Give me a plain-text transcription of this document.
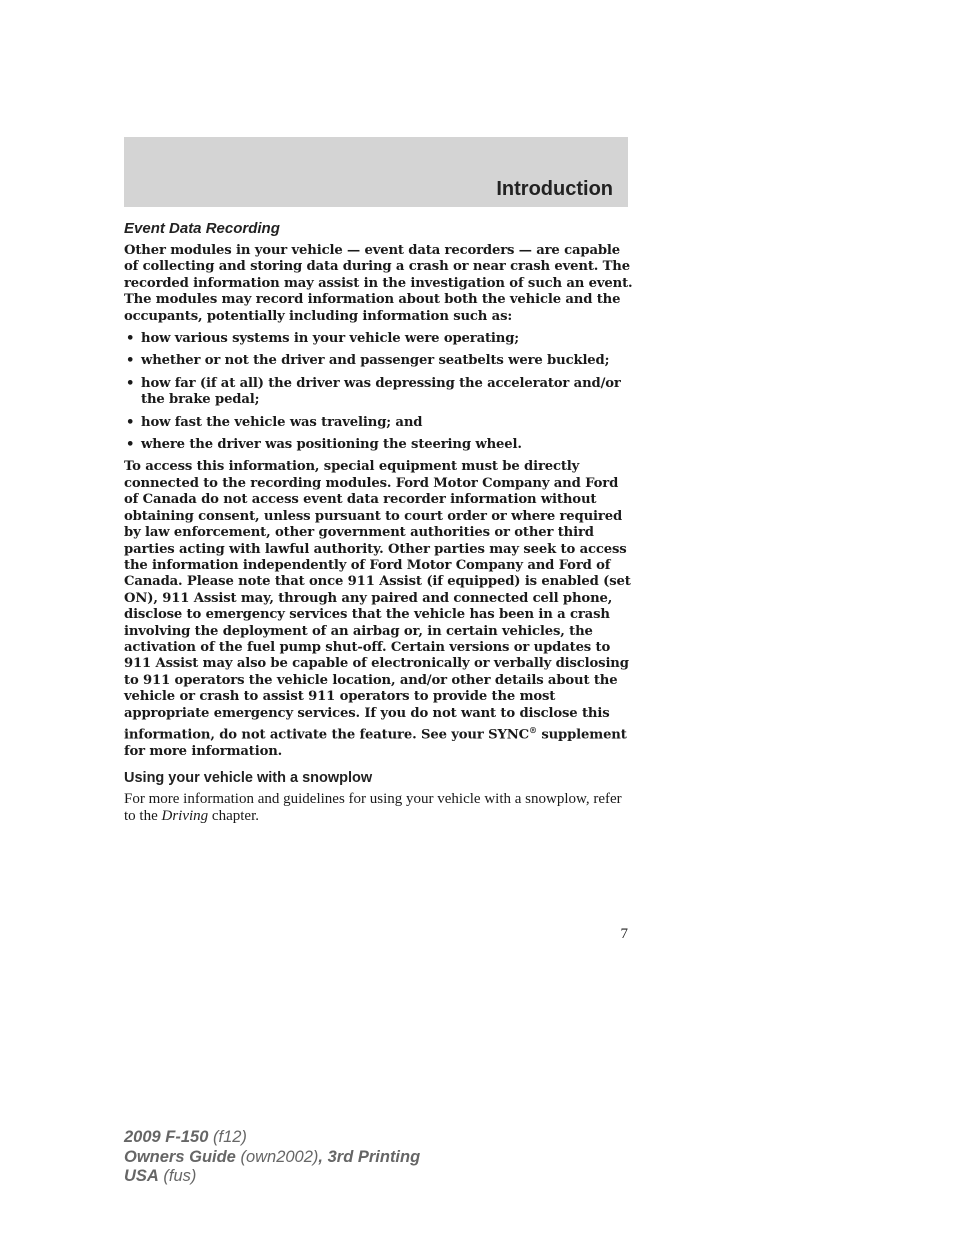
Introduction
Event Data Recording

Other modules in your vehicle — event data recorders — are capable of collecting and storing data during a crash or near crash event. The recorded information may assist in the investigation of such an event. The modules may record information about both the vehicle and the occupants, potentially including information such as:

• how various systems in your vehicle were operating;
• whether or not the driver and passenger seatbelts were buckled;
• how far (if at all) the driver was depressing the accelerator and/or the brake pedal;
• how fast the vehicle was traveling; and
• where the driver was positioning the steering wheel.

To access this information, special equipment must be directly connected to the recording modules. Ford Motor Company and Ford of Canada do not access event data recorder information without obtaining consent, unless pursuant to court order or where required by law enforcement, other government authorities or other third parties acting with lawful authority. Other parties may seek to access the information independently of Ford Motor Company and Ford of Canada. Please note that once 911 Assist (if equipped) is enabled (set ON), 911 Assist may, through any paired and connected cell phone, disclose to emergency services that the vehicle has been in a crash involving the deployment of an airbag or, in certain vehicles, the activation of the fuel pump shut-off. Certain versions or updates to 911 Assist may also be capable of electronically or verbally disclosing to 911 operators the vehicle location, and/or other details about the vehicle or crash to assist 911 operators to provide the most appropriate emergency services. If you do not want to disclose this information, do not activate the feature. See your SYNC® supplement for more information.

Using your vehicle with a snowplow

For more information and guidelines for using your vehicle with a snowplow, refer to the Driving chapter.

7
2009 F-150 (f12)
Owners Guide (own2002), 3rd Printing
USA (fus)
